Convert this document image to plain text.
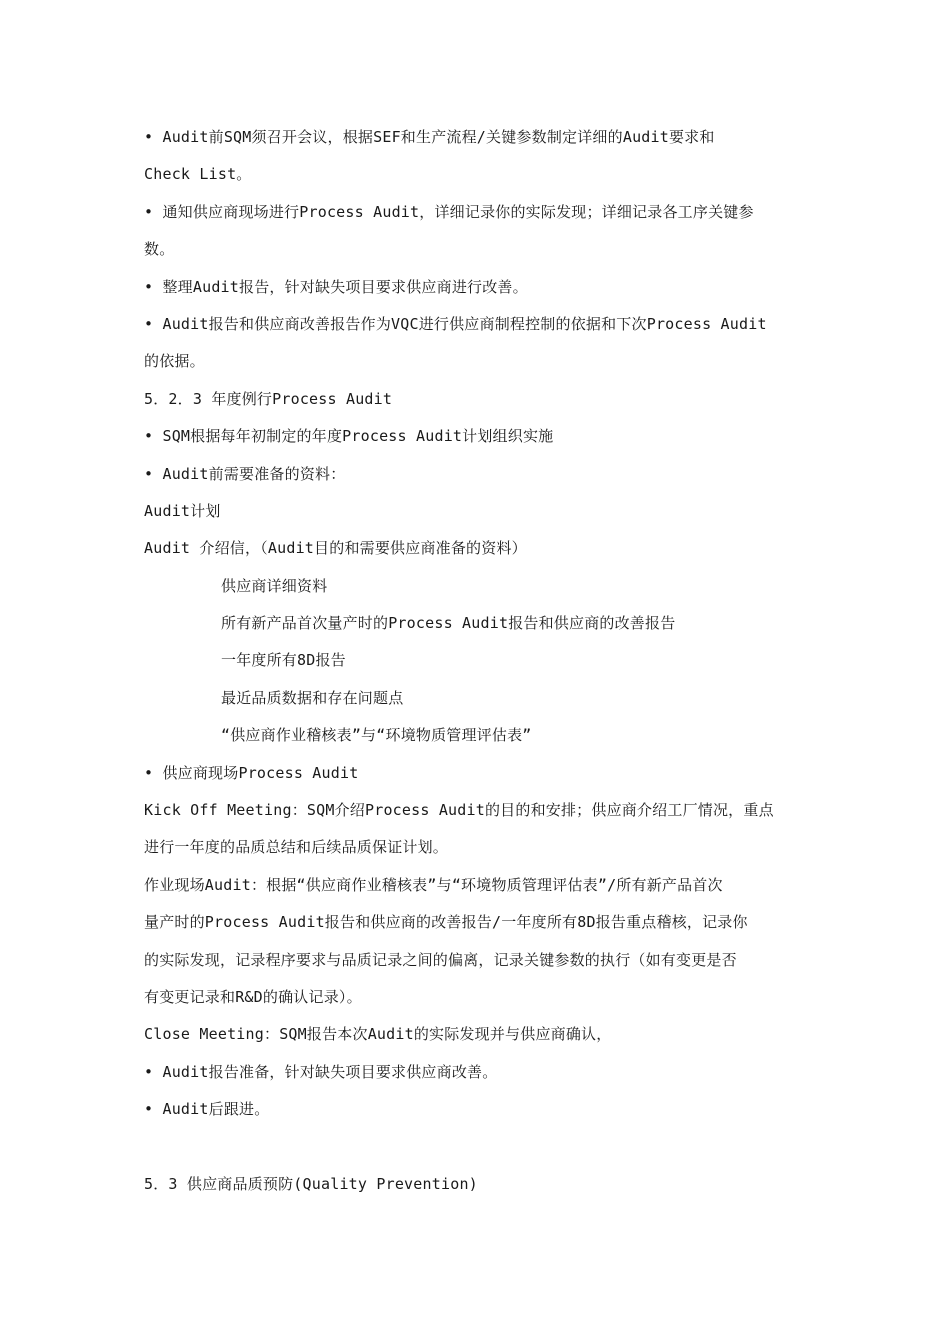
• Audit前SQM须召开会议，根据SEF和生产流程/关键参数制定详细的Audit要求和
Check List。
• 通知供应商现场进行Process Audit，详细记录你的实际发现；详细记录各工序关键参
数。
• 整理Audit报告，针对缺失项目要求供应商进行改善。
• Audit报告和供应商改善报告作为VQC进行供应商制程控制的依据和下次Process Audit
的依据。
5．2．3 年度例行Process Audit
• SQM根据每年初制定的年度Process Audit计划组织实施
• Audit前需要准备的资料：
Audit计划
Audit 介绍信，（Audit目的和需要供应商准备的资料）
供应商详细资料
所有新产品首次量产时的Process Audit报告和供应商的改善报告
一年度所有8D报告
最近品质数据和存在问题点
“供应商作业稽核表”与“环境物质管理评估表”
• 供应商现场Process Audit
Kick Off Meeting：SQM介绍Process Audit的目的和安排；供应商介绍工厂情况，重点
进行一年度的品质总结和后续品质保证计划。
作业现场Audit：根据“供应商作业稽核表”与“环境物质管理评估表”/所有新产品首次
量产时的Process Audit报告和供应商的改善报告/一年度所有8D报告重点稽核，记录你
的实际发现，记录程序要求与品质记录之间的偏离，记录关键参数的执行（如有变更是否
有变更记录和R&D的确认记录）。
Close Meeting：SQM报告本次Audit的实际发现并与供应商确认，
• Audit报告准备，针对缺失项目要求供应商改善。
• Audit后跟进。
5．3 供应商品质预防(Quality Prevention)
